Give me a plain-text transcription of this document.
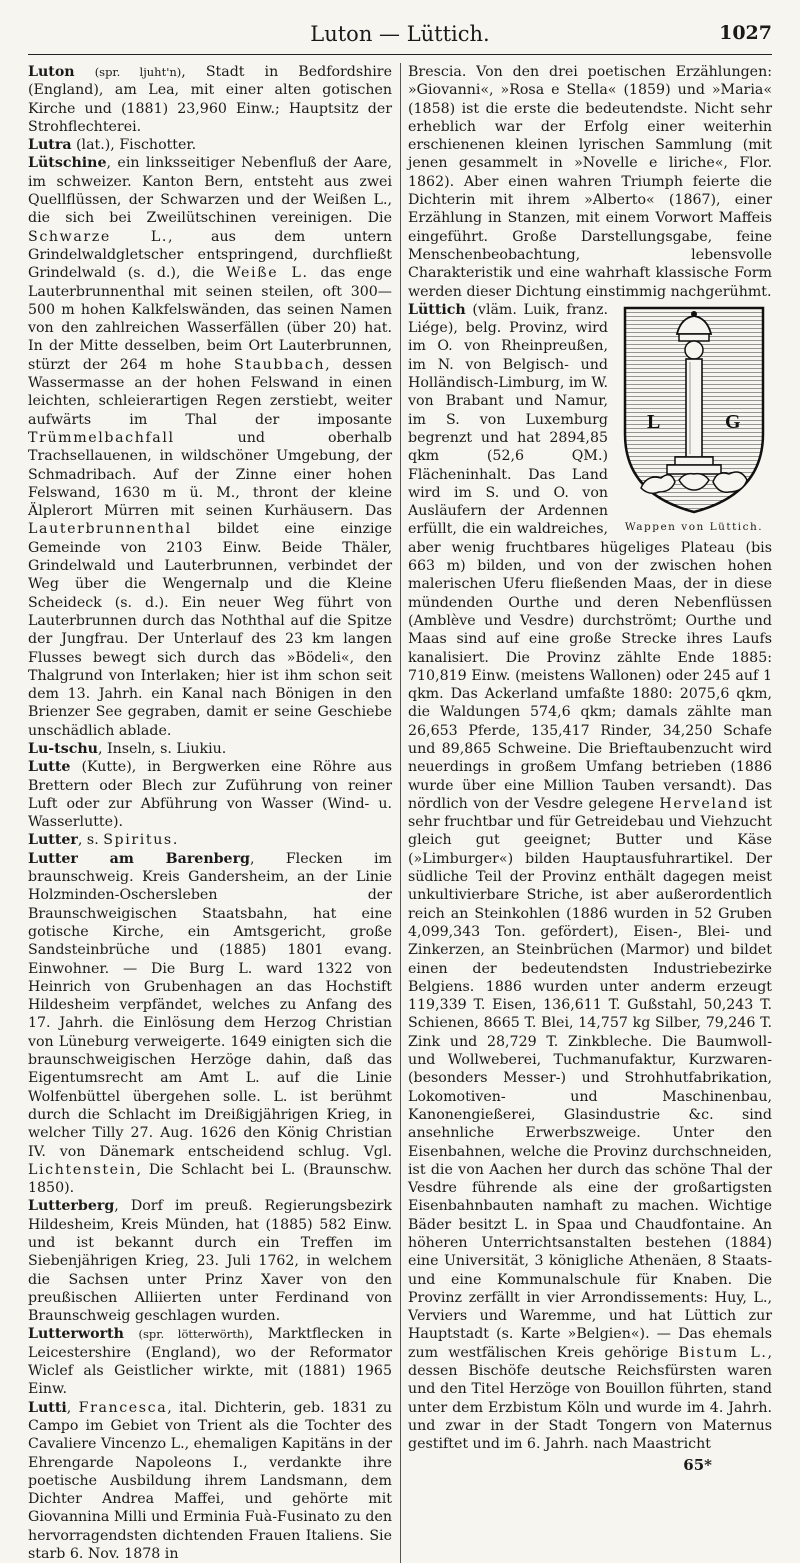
Luton — Lüttich.	1027

Luton (spr. ljuht'n), Stadt in Bedfordshire (England), am Lea, mit einer alten gotischen Kirche und (1881) 23,960 Einw.; Hauptsitz der Strohflechterei.

Lutra (lat.), Fischotter.

Lütschine, ein linksseitiger Nebenfluß der Aare, im schweizer. Kanton Bern, entsteht aus zwei Quellflüssen, der Schwarzen und der Weißen L., die sich bei Zweilütschinen vereinigen. Die Schwarze L., aus dem untern Grindelwaldgletscher entspringend, durchfließt Grindelwald (s. d.), die Weiße L. das enge Lauterbrunnenthal mit seinen steilen, oft 300—500 m hohen Kalkfelswänden, das seinen Namen von den zahlreichen Wasserfällen (über 20) hat. In der Mitte desselben, beim Ort Lauterbrunnen, stürzt der 264 m hohe Staubbach, dessen Wassermasse an der hohen Felswand in einen leichten, schleierartigen Regen zerstiebt, weiter aufwärts im Thal der imposante Trümmelbachfall und oberhalb Trachsellauenen, in wildschöner Umgebung, der Schmadribach. Auf der Zinne einer hohen Felswand, 1630 m ü. M., thront der kleine Älplerort Mürren mit seinen Kurhäusern. Das Lauterbrunnenthal bildet eine einzige Gemeinde von 2103 Einw. Beide Thäler, Grindelwald und Lauterbrunnen, verbindet der Weg über die Wengernalp und die Kleine Scheideck (s. d.). Ein neuer Weg führt von Lauterbrunnen durch das Noththal auf die Spitze der Jungfrau. Der Unterlauf des 23 km langen Flusses bewegt sich durch das »Bödeli«, den Thalgrund von Interlaken; hier ist ihm schon seit dem 13. Jahrh. ein Kanal nach Bönigen in den Brienzer See gegraben, damit er seine Geschiebe unschädlich ablade.

Lu-tschu, Inseln, s. Liukiu.

Lutte (Kutte), in Bergwerken eine Röhre aus Brettern oder Blech zur Zuführung von reiner Luft oder zur Abführung von Wasser (Wind- u. Wasserlutte).

Lutter, s. Spiritus.

Lutter am Barenberg, Flecken im braunschweig. Kreis Gandersheim, an der Linie Holzminden-Oschersleben der Braunschweigischen Staatsbahn, hat eine gotische Kirche, ein Amtsgericht, große Sandsteinbrüche und (1885) 1801 evang. Einwohner. — Die Burg L. ward 1322 von Heinrich von Grubenhagen an das Hochstift Hildesheim verpfändet, welches zu Anfang des 17. Jahrh. die Einlösung dem Herzog Christian von Lüneburg verweigerte. 1649 einigten sich die braunschweigischen Herzöge dahin, daß das Eigentumsrecht am Amt L. auf die Linie Wolfenbüttel übergehen solle. L. ist berühmt durch die Schlacht im Dreißigjährigen Krieg, in welcher Tilly 27. Aug. 1626 den König Christian IV. von Dänemark entscheidend schlug. Vgl. Lichtenstein, Die Schlacht bei L. (Braunschw. 1850).

Lutterberg, Dorf im preuß. Regierungsbezirk Hildesheim, Kreis Münden, hat (1885) 582 Einw. und ist bekannt durch ein Treffen im Siebenjährigen Krieg, 23. Juli 1762, in welchem die Sachsen unter Prinz Xaver von den preußischen Alliierten unter Ferdinand von Braunschweig geschlagen wurden.

Lutterworth (spr. lötterwörth), Marktflecken in Leicestershire (England), wo der Reformator Wiclef als Geistlicher wirkte, mit (1881) 1965 Einw.

Lutti, Francesca, ital. Dichterin, geb. 1831 zu Campo im Gebiet von Trient als die Tochter des Cavaliere Vincenzo L., ehemaligen Kapitäns in der Ehrengarde Napoleons I., verdankte ihre poetische Ausbildung ihrem Landsmann, dem Dichter Andrea Maffei, und gehörte mit Giovannina Milli und Erminia Fuà-Fusinato zu den hervorragendsten dichtenden Frauen Italiens. Sie starb 6. Nov. 1878 in

Brescia. Von den drei poetischen Erzählungen: »Giovanni«, »Rosa e Stella« (1859) und »Maria« (1858) ist die erste die bedeutendste. Nicht sehr erheblich war der Erfolg einer weiterhin erschienenen kleinen lyrischen Sammlung (mit jenen gesammelt in »Novelle e liriche«, Flor. 1862). Aber einen wahren Triumph feierte die Dichterin mit ihrem »Alberto« (1867), einer Erzählung in Stanzen, mit einem Vorwort Maffeis eingeführt. Große Darstellungsgabe, feine Menschenbeobachtung, lebensvolle Charakteristik und eine wahrhaft klassische Form werden dieser Dichtung einstimmig nachgerühmt.

L	G
Wappen von Lüttich.

Lüttich (vläm. Luik, franz. Liége), belg. Provinz, wird im O. von Rheinpreußen, im N. von Belgisch- und Holländisch-Limburg, im W. von Brabant und Namur, im S. von Luxemburg begrenzt und hat 2894,85 qkm (52,6 QM.) Flächeninhalt. Das Land wird im S. und O. von Ausläufern der Ardennen erfüllt, die ein waldreiches, aber wenig fruchtbares hügeliges Plateau (bis 663 m) bilden, und von der zwischen hohen malerischen Uferu fließenden Maas, der in diese mündenden Ourthe und deren Nebenflüssen (Amblève und Vesdre) durchströmt; Ourthe und Maas sind auf eine große Strecke ihres Laufs kanalisiert. Die Provinz zählte Ende 1885: 710,819 Einw. (meistens Wallonen) oder 245 auf 1 qkm. Das Ackerland umfaßte 1880: 2075,6 qkm, die Waldungen 574,6 qkm; damals zählte man 26,653 Pferde, 135,417 Rinder, 34,250 Schafe und 89,865 Schweine. Die Brieftaubenzucht wird neuerdings in großem Umfang betrieben (1886 wurde über eine Million Tauben versandt). Das nördlich von der Vesdre gelegene Herveland ist sehr fruchtbar und für Getreidebau und Viehzucht gleich gut geeignet; Butter und Käse (»Limburger«) bilden Hauptausfuhrartikel. Der südliche Teil der Provinz enthält dagegen meist unkultivierbare Striche, ist aber außerordentlich reich an Steinkohlen (1886 wurden in 52 Gruben 4,099,343 Ton. gefördert), Eisen-, Blei- und Zinkerzen, an Steinbrüchen (Marmor) und bildet einen der bedeutendsten Industriebezirke Belgiens. 1886 wurden unter anderm erzeugt 119,339 T. Eisen, 136,611 T. Gußstahl, 50,243 T. Schienen, 8665 T. Blei, 14,757 kg Silber, 79,246 T. Zink und 28,729 T. Zinkbleche. Die Baumwoll- und Wollweberei, Tuchmanufaktur, Kurzwaren- (besonders Messer-) und Strohhutfabrikation, Lokomotiven- und Maschinenbau, Kanonengießerei, Glasindustrie &c. sind ansehnliche Erwerbszweige. Unter den Eisenbahnen, welche die Provinz durchschneiden, ist die von Aachen her durch das schöne Thal der Vesdre führende als eine der großartigsten Eisenbahnbauten namhaft zu machen. Wichtige Bäder besitzt L. in Spaa und Chaudfontaine. An höheren Unterrichtsanstalten bestehen (1884) eine Universität, 3 königliche Athenäen, 8 Staats- und eine Kommunalschule für Knaben. Die Provinz zerfällt in vier Arrondissements: Huy, L., Verviers und Waremme, und hat Lüttich zur Hauptstadt (s. Karte »Belgien«). — Das ehemals zum westfälischen Kreis gehörige Bistum L., dessen Bischöfe deutsche Reichsfürsten waren und den Titel Herzöge von Bouillon führten, stand unter dem Erzbistum Köln und wurde im 4. Jahrh. und zwar in der Stadt Tongern von Maternus gestiftet und im 6. Jahrh. nach Maastricht

65*
